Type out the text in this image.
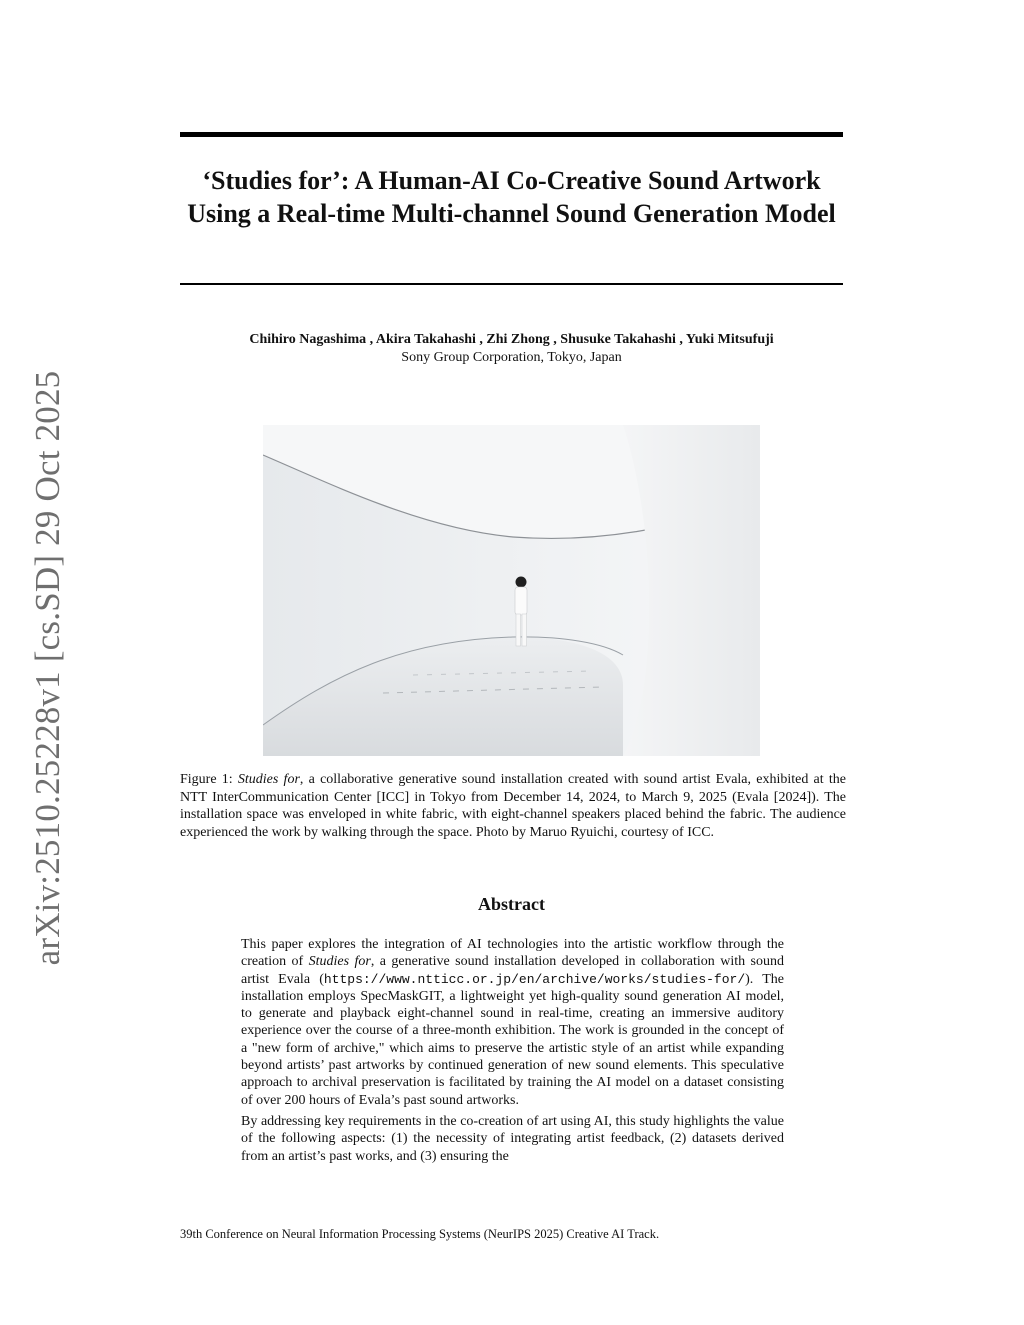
arXiv:2510.25228v1 [cs.SD] 29 Oct 2025
‘Studies for’: A Human-AI Co-Creative Sound Artwork Using a Real-time Multi-channel Sound Generation Model
Chihiro Nagashima , Akira Takahashi , Zhi Zhong , Shusuke Takahashi , Yuki Mitsufuji
Sony Group Corporation, Tokyo, Japan

Figure 1: Studies for, a collaborative generative sound installation created with sound artist Evala, exhibited at the NTT InterCommunication Center [ICC] in Tokyo from December 14, 2024, to March 9, 2025 (Evala [2024]). The installation space was enveloped in white fabric, with eight-channel speakers placed behind the fabric. The audience experienced the work by walking through the space. Photo by Maruo Ryuichi, courtesy of ICC.

Abstract

This paper explores the integration of AI technologies into the artistic workflow through the creation of Studies for, a generative sound installation developed in collaboration with sound artist Evala (https://www.ntticc.or.jp/en/archive/works/studies-for/). The installation employs SpecMaskGIT, a lightweight yet high-quality sound generation AI model, to generate and playback eight-channel sound in real-time, creating an immersive auditory experience over the course of a three-month exhibition. The work is grounded in the concept of a "new form of archive," which aims to preserve the artistic style of an artist while expanding beyond artists’ past artworks by continued generation of new sound elements. This speculative approach to archival preservation is facilitated by training the AI model on a dataset consisting of over 200 hours of Evala’s past sound artworks.

By addressing key requirements in the co-creation of art using AI, this study highlights the value of the following aspects: (1) the necessity of integrating artist feedback, (2) datasets derived from an artist’s past works, and (3) ensuring the

39th Conference on Neural Information Processing Systems (NeurIPS 2025) Creative AI Track.
